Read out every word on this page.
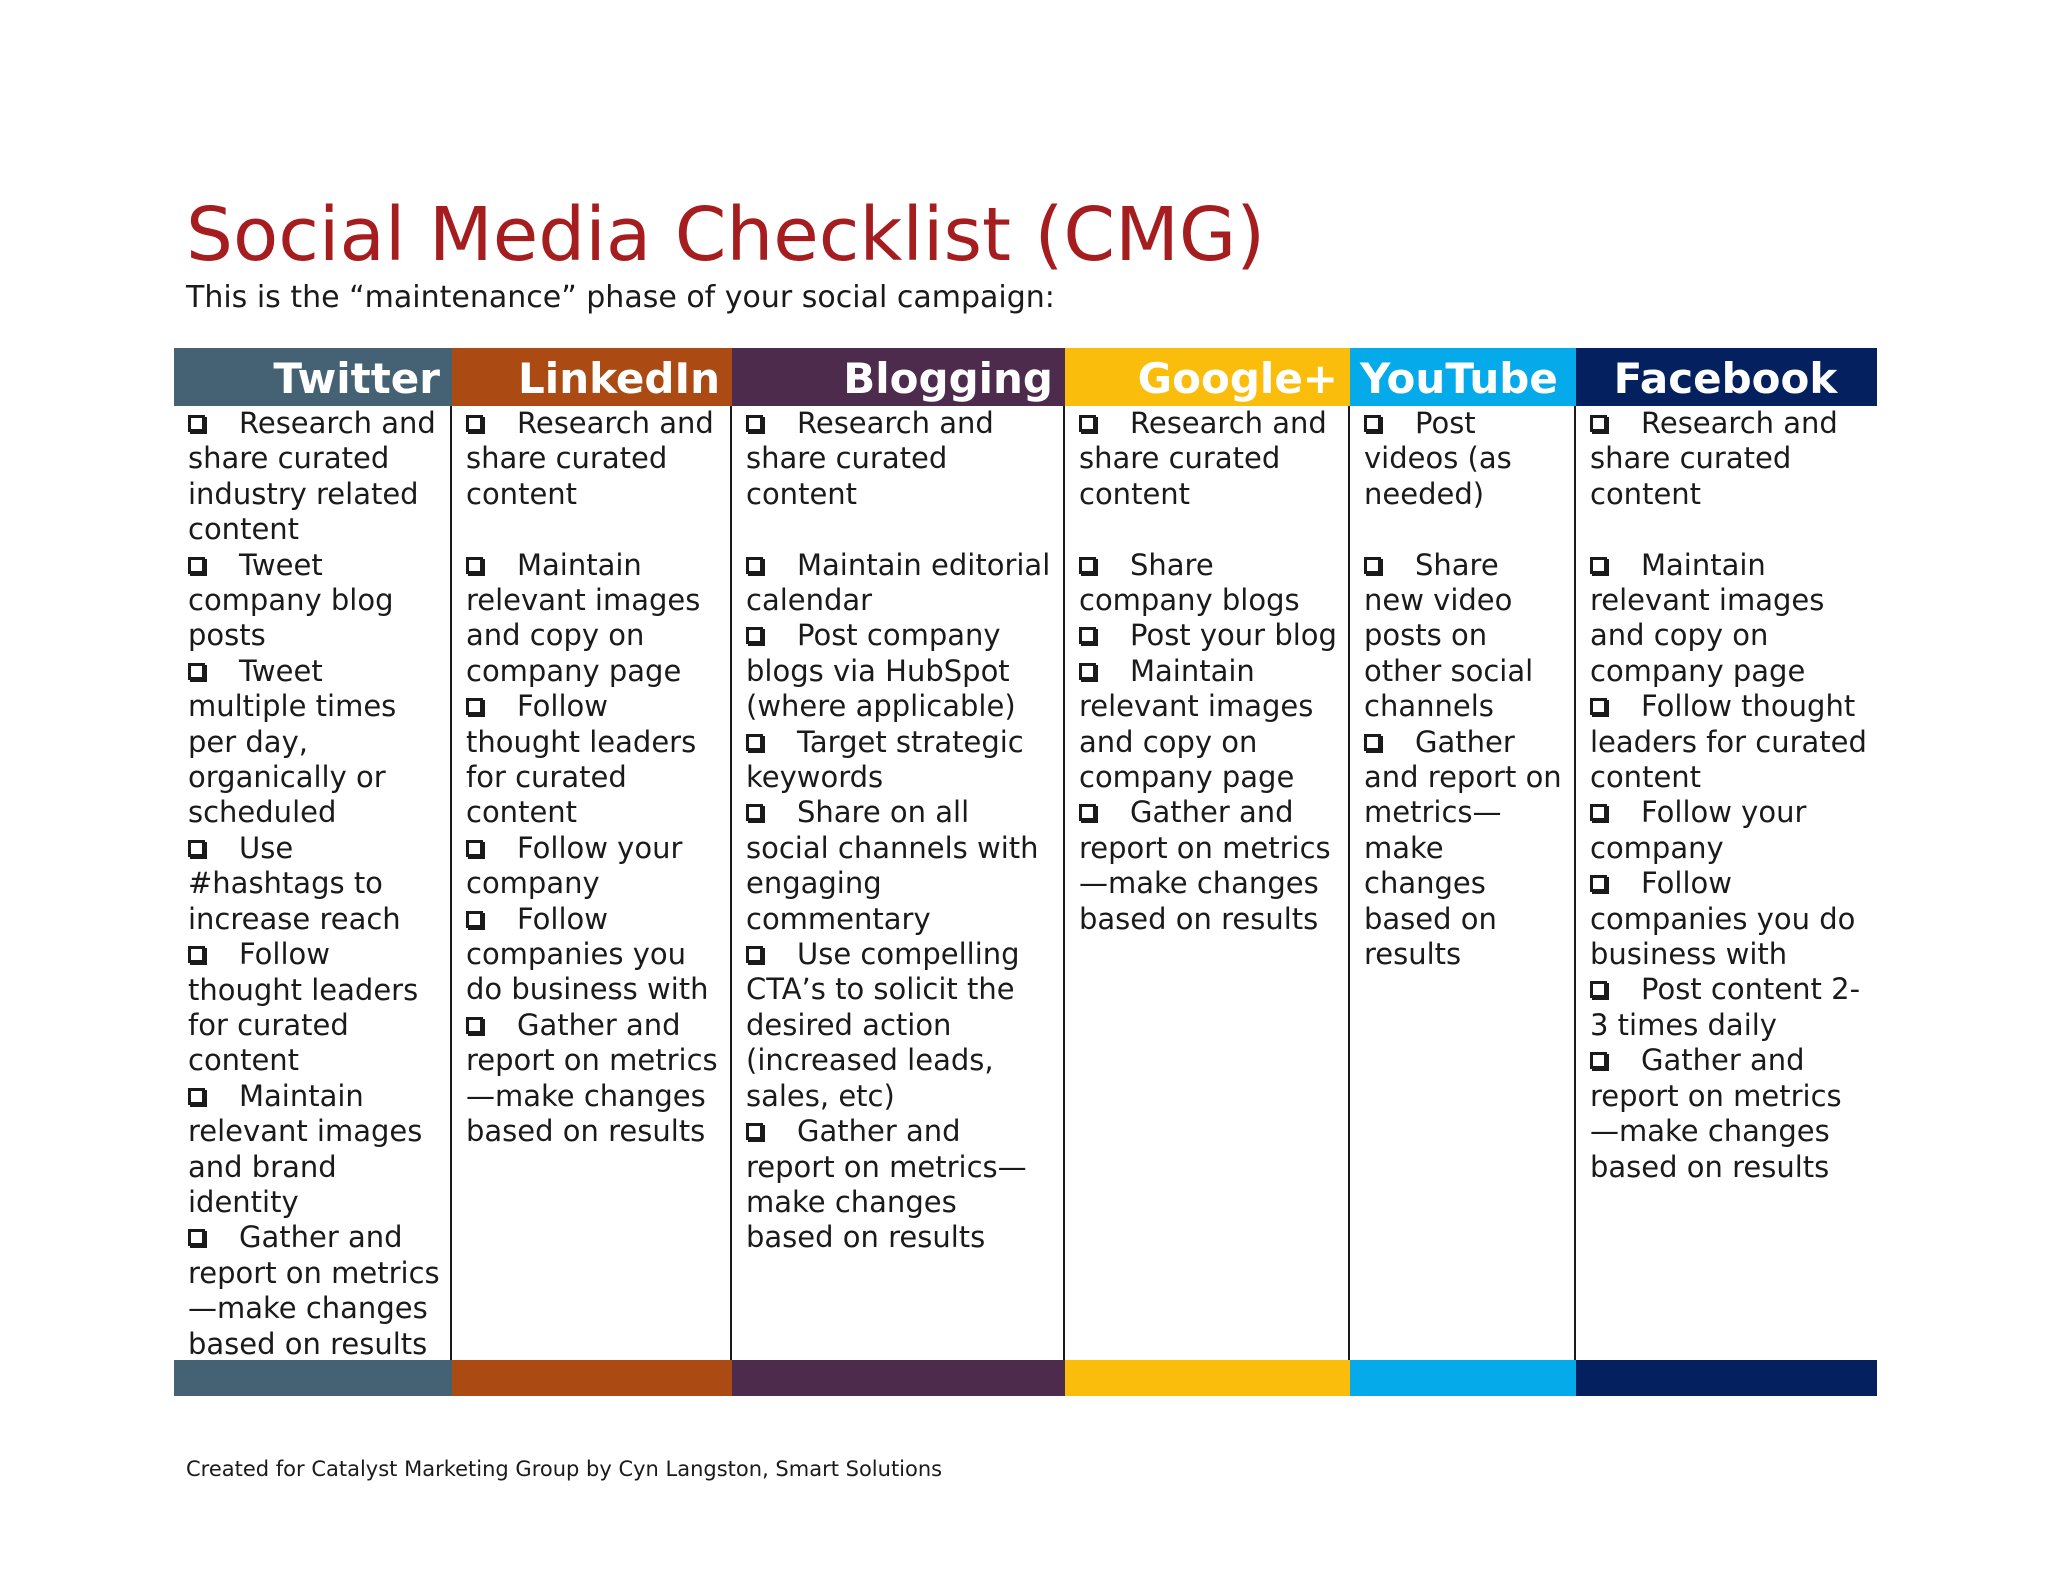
Social Media Checklist (CMG)

This is the “maintenance” phase of your social campaign:

Twitter
Research and share curated industry related content
Tweet company blog posts
Tweet multiple times per day, organically or scheduled
Use #hashtags to increase reach
Follow thought leaders for curated content
Maintain relevant images and brand identity
Gather and report on metrics—make changes based on results
LinkedIn
Research and share curated content
Maintain relevant images and copy on company page
Follow thought leaders for curated content
Follow your company
Follow companies you do business with
Gather and report on metrics—make changes based on results
Blogging
Research and share curated content
Maintain editorial calendar
Post company blogs via HubSpot (where applicable)
Target strategic keywords
Share on all social channels with engaging commentary
Use compelling CTA’s to solicit the desired action (increased leads, sales, etc)
Gather and report on metrics—make changes based on results
Google+
Research and share curated content
Share company blogs
Post your blog
Maintain relevant images and copy on company page
Gather and report on metrics—make changes based on results
YouTube
Post videos (as needed)
Share new video posts on other social channels
Gather and report on metrics—make changes based on results
Facebook
Research and share curated content
Maintain relevant images and copy on company page
Follow thought leaders for curated content
Follow your company
Follow companies you do business with
Post content 2-3 times daily
Gather and report on metrics—make changes based on results

Created for Catalyst Marketing Group by Cyn Langston, Smart Solutions
